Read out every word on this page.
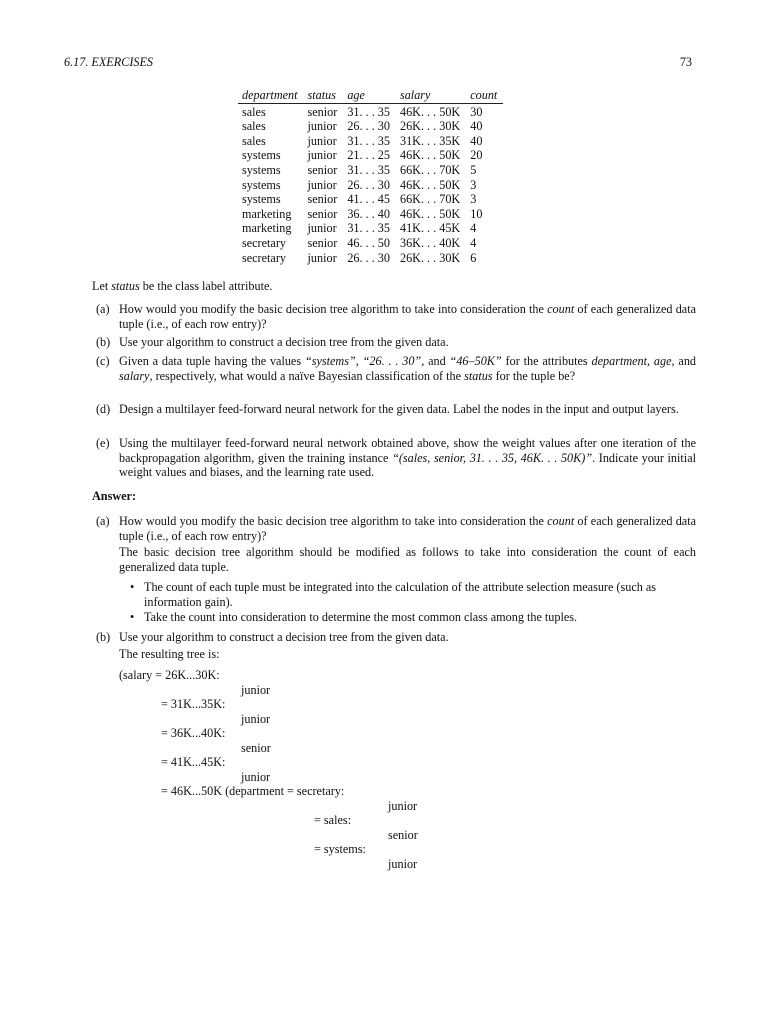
6.17. EXERCISES	73
department	status	age	salary	count
sales	senior	31. . . 35	46K. . . 50K	30
sales	junior	26. . . 30	26K. . . 30K	40
sales	junior	31. . . 35	31K. . . 35K	40
systems	junior	21. . . 25	46K. . . 50K	20
systems	senior	31. . . 35	66K. . . 70K	5
systems	junior	26. . . 30	46K. . . 50K	3
systems	senior	41. . . 45	66K. . . 70K	3
marketing	senior	36. . . 40	46K. . . 50K	10
marketing	junior	31. . . 35	41K. . . 45K	4
secretary	senior	46. . . 50	36K. . . 40K	4
secretary	junior	26. . . 30	26K. . . 30K	6
Let status be the class label attribute.
(a) How would you modify the basic decision tree algorithm to take into consideration the count of each generalized data tuple (i.e., of each row entry)?
(b) Use your algorithm to construct a decision tree from the given data.
(c) Given a data tuple having the values “systems”, “26. . . 30”, and “46–50K” for the attributes department, age, and salary, respectively, what would a naïve Bayesian classification of the status for the tuple be?
(d) Design a multilayer feed-forward neural network for the given data. Label the nodes in the input and output layers.
(e) Using the multilayer feed-forward neural network obtained above, show the weight values after one iteration of the backpropagation algorithm, given the training instance “(sales, senior, 31. . . 35, 46K. . . 50K)”. Indicate your initial weight values and biases, and the learning rate used.
Answer:
(a) How would you modify the basic decision tree algorithm to take into consideration the count of each generalized data tuple (i.e., of each row entry)?
The basic decision tree algorithm should be modified as follows to take into consideration the count of each generalized data tuple.
• The count of each tuple must be integrated into the calculation of the attribute selection measure (such as information gain).
• Take the count into consideration to determine the most common class among the tuples.
(b) Use your algorithm to construct a decision tree from the given data.
The resulting tree is:
(salary = 26K...30K:
junior
= 31K...35K:
junior
= 36K...40K:
senior
= 41K...45K:
junior
= 46K...50K (department = secretary:
junior
= sales:
senior
= systems:
junior
